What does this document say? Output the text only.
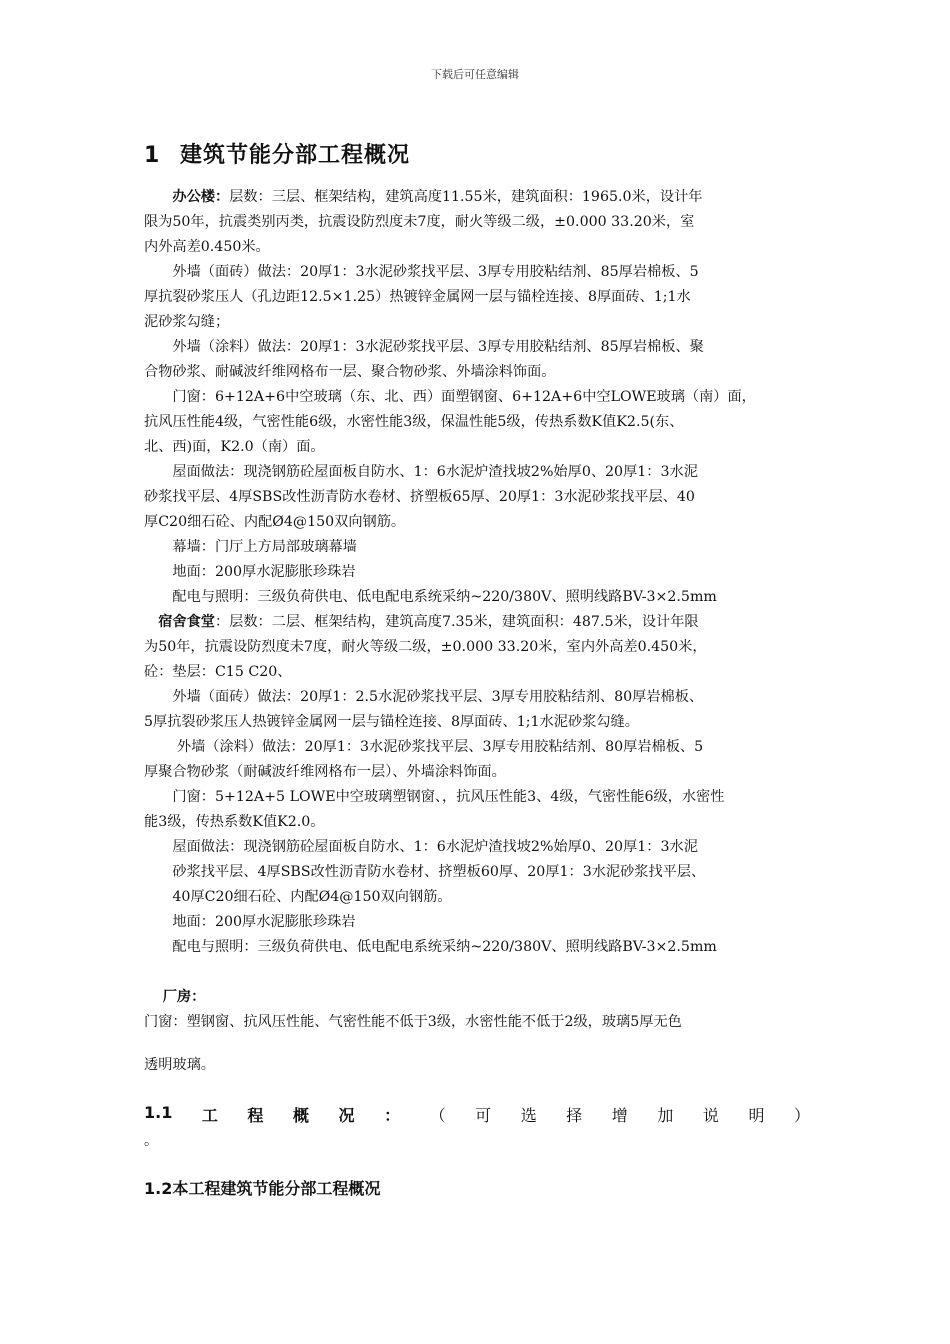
下载后可任意编辑
1 建筑节能分部工程概况
　　办公楼：层数：三层、框架结构，建筑高度11.55米，建筑面积：1965.0米，设计年
限为50年，抗震类别丙类，抗震设防烈度未7度，耐火等级二级，±0.000 33.20米，室
内外高差0.450米。
　　外墙（面砖）做法：20厚1：3水泥砂浆找平层、3厚专用胶粘结剂、85厚岩棉板、5
厚抗裂砂浆压人（孔边距12.5×1.25）热镀锌金属网一层与锚栓连接、8厚面砖、1;1水
泥砂浆勾缝；
　　外墙（涂料）做法：20厚1：3水泥砂浆找平层、3厚专用胶粘结剂、85厚岩棉板、聚
合物砂浆、耐碱波纤维网格布一层、聚合物砂浆、外墙涂料饰面。
　　门窗：6+12A+6中空玻璃（东、北、西）面塑钢窗、6+12A+6中空LOWE玻璃（南）面，
抗风压性能4级，气密性能6级，水密性能3级，保温性能5级，传热系数K值K2.5(东、
北、西)面，K2.0（南）面。
　　屋面做法：现浇钢筋砼屋面板自防水、1：6水泥炉渣找坡2%始厚0、20厚1：3水泥
砂浆找平层、4厚SBS改性沥青防水卷材、挤塑板65厚、20厚1：3水泥砂浆找平层、40
厚C20细石砼、内配Ø4@150双向钢筋。
　　幕墙：门厅上方局部玻璃幕墙
　　地面：200厚水泥膨胀珍珠岩
　　配电与照明：三级负荷供电、低电配电系统采纳~220/380V、照明线路BV-3×2.5mm
　宿舍食堂：层数：二层、框架结构，建筑高度7.35米，建筑面积：487.5米，设计年限
为50年，抗震设防烈度未7度，耐火等级二级，±0.000 33.20米，室内外高差0.450米，
砼：垫层：C15 C20、
　　外墙（面砖）做法：20厚1：2.5水泥砂浆找平层、3厚专用胶粘结剂、80厚岩棉板、
5厚抗裂砂浆压人热镀锌金属网一层与锚栓连接、8厚面砖、1;1水泥砂浆勾缝。
　　 外墙（涂料）做法：20厚1：3水泥砂浆找平层、3厚专用胶粘结剂、80厚岩棉板、5
厚聚合物砂浆（耐碱波纤维网格布一层）、外墙涂料饰面。
　　门窗：5+12A+5 LOWE中空玻璃塑钢窗、，抗风压性能3、4级，气密性能6级，水密性
能3级，传热系数K值K2.0。
　　屋面做法：现浇钢筋砼屋面板自防水、1：6水泥炉渣找坡2%始厚0、20厚1：3水泥
　　砂浆找平层、4厚SBS改性沥青防水卷材、挤塑板60厚、20厚1：3水泥砂浆找平层、
　　40厚C20细石砼、内配Ø4@150双向钢筋。
　　地面：200厚水泥膨胀珍珠岩
　　配电与照明：三级负荷供电、低电配电系统采纳~220/380V、照明线路BV-3×2.5mm
　 厂房：
门窗：塑钢窗、抗风压性能、气密性能不低于3级，水密性能不低于2级，玻璃5厚无色
透明玻璃。
1.1 工 程 概 况 ： （ 可 选 择 增 加 说 明 ）
。
1.2本工程建筑节能分部工程概况
